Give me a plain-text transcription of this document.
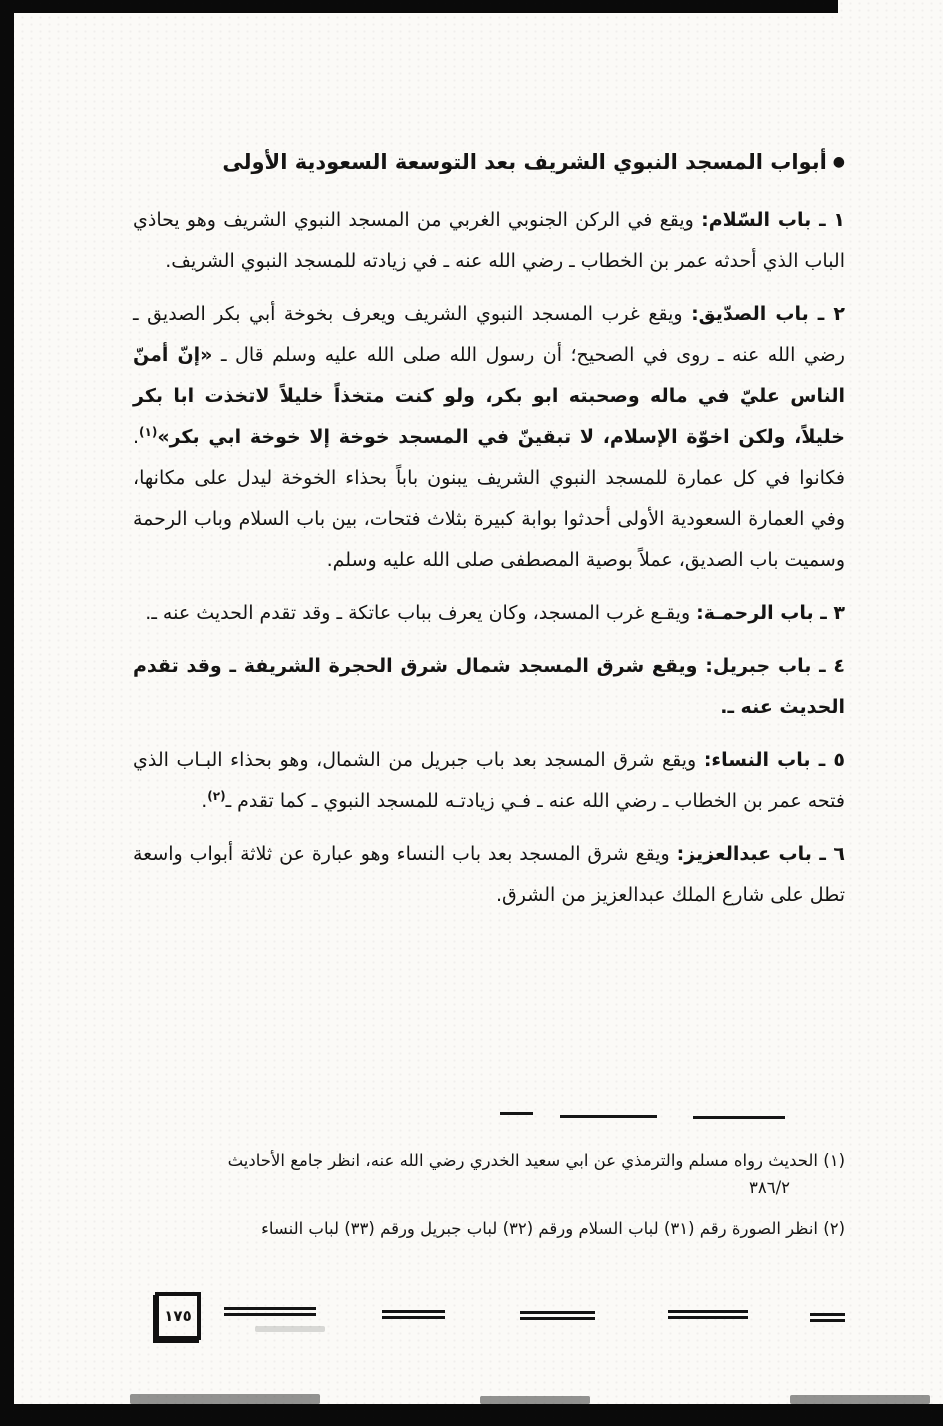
●أبواب المسجد النبوي الشريف بعد التوسعة السعودية الأولى

١ ـ باب السّلام: ويقع في الركن الجنوبي الغربي من المسجد النبوي الشريف وهو يحاذي الباب الذي أحدثه عمر بن الخطاب ـ رضي الله عنه ـ في زيادته للمسجد النبوي الشريف.

٢ ـ باب الصدّيق: ويقع غرب المسجد النبوي الشريف ويعرف بخوخة أبي بكر الصديق ـ رضي الله عنه ـ روى في الصحيح؛ أن رسول الله صلى الله عليه وسلم قال ـ «إنّ أمنّ الناس عليّ في ماله وصحبته ابو بكر، ولو كنت متخذاً خليلاً لاتخذت ابا بكر خليلاً، ولكن اخوّة الإسلام، لا تبقينّ في المسجد خوخة إلا خوخة ابي بكر»$^{(١)}$. فكانوا في كل عمارة للمسجد النبوي الشريف يبنون باباً بحذاء الخوخة ليدل على مكانها، وفي العمارة السعودية الأولى أحدثوا بوابة كبيرة بثلاث فتحات، بين باب السلام وباب الرحمة وسميت باب الصديق، عملاً بوصية المصطفى صلى الله عليه وسلم.

٣ ـ باب الرحمـة: ويقـع غرب المسجد، وكان يعرف بباب عاتكة ـ وقد تقدم الحديث عنه ـ.

٤ ـ باب جبريل: ويقع شرق المسجد شمال شرق الحجرة الشريفة ـ وقد تقدم الحديث عنه ـ.

٥ ـ باب النساء: ويقع شرق المسجد بعد باب جبريل من الشمال، وهو بحذاء البـاب الذي فتحه عمر بن الخطاب ـ رضي الله عنه ـ فـي زيادتـه للمسجد النبوي ـ كما تقدم ـ$^{(٢)}$.

٦ ـ باب عبدالعزيز: ويقع شرق المسجد بعد باب النساء وهو عبارة عن ثلاثة أبواب واسعة تطل على شارع الملك عبدالعزيز من الشرق.

(١) الحديث رواه مسلم والترمذي عن ابي سعيد الخدري رضي الله عنه، انظر جامع الأحاديث
٣٨٦/٢
(٢) انظر الصورة رقم (٣١) لباب السلام ورقم (٣٢) لباب جبريل ورقم (٣٣) لباب النساء
١٧٥
